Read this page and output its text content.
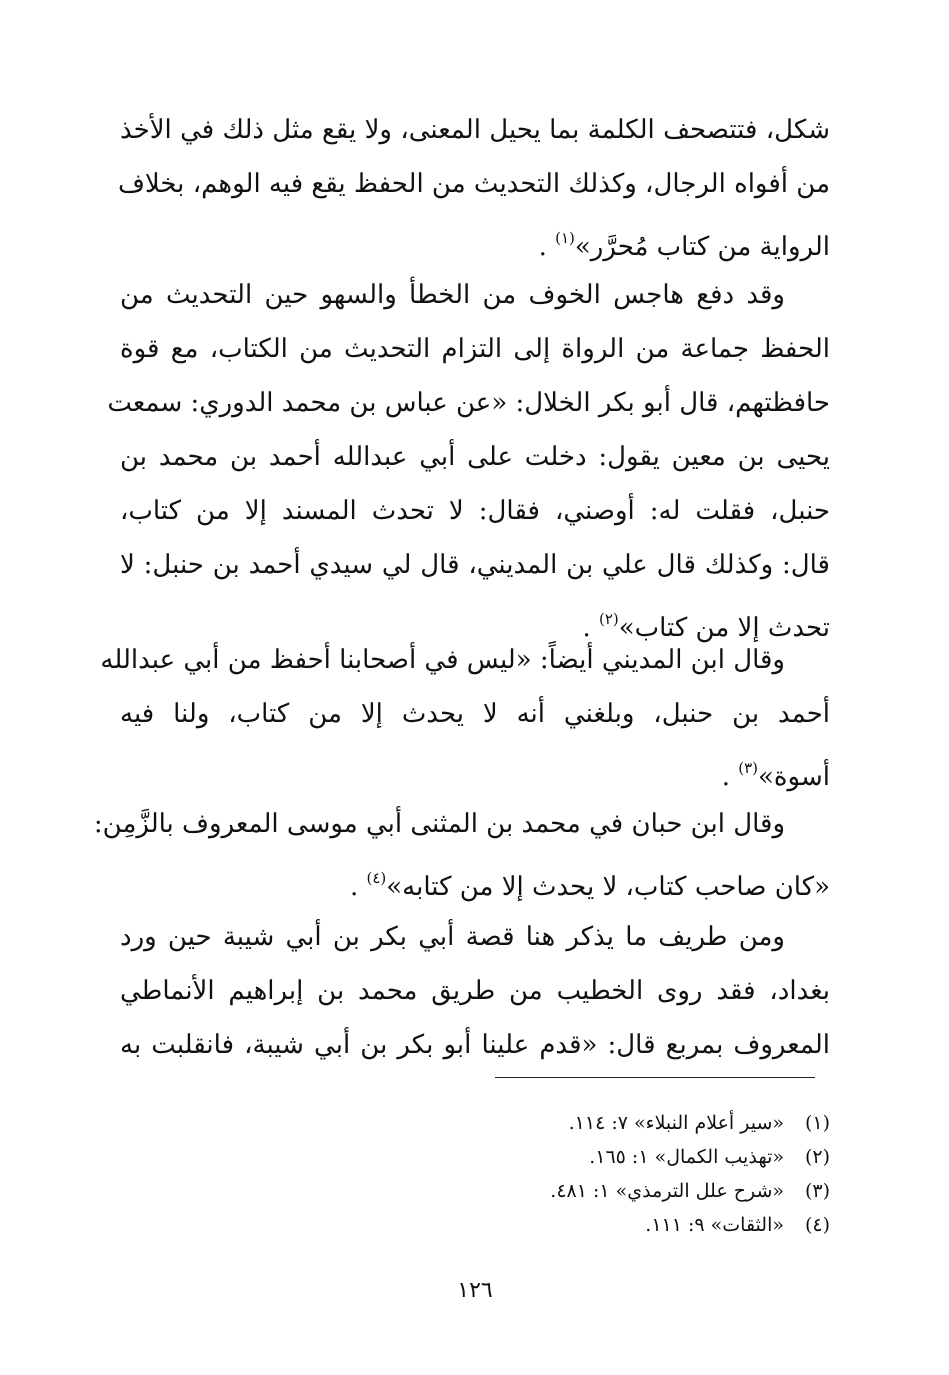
شكل، فتتصحف الكلمة بما يحيل المعنى، ولا يقع مثل ذلك في الأخذ
من أفواه الرجال، وكذلك التحديث من الحفظ يقع فيه الوهم، بخلاف
الرواية من كتاب مُحرَّر»$^{(١)}$ .
وقد دفع هاجس الخوف من الخطأ والسهو حين التحديث من
الحفظ جماعة من الرواة إلى التزام التحديث من الكتاب، مع قوة
حافظتهم، قال أبو بكر الخلال: «عن عباس بن محمد الدوري: سمعت
يحيى بن معين يقول: دخلت على أبي عبدالله أحمد بن محمد بن
حنبل، فقلت له: أوصني، فقال: لا تحدث المسند إلا من كتاب،
قال: وكذلك قال علي بن المديني، قال لي سيدي أحمد بن حنبل: لا
تحدث إلا من كتاب»$^{(٢)}$ .
وقال ابن المديني أيضاً: «ليس في أصحابنا أحفظ من أبي عبدالله
أحمد بن حنبل، وبلغني أنه لا يحدث إلا من كتاب، ولنا فيه
أسوة»$^{(٣)}$ .
وقال ابن حبان في محمد بن المثنى أبي موسى المعروف بالزَّمِن:
«كان صاحب كتاب، لا يحدث إلا من كتابه»$^{(٤)}$ .
ومن طريف ما يذكر هنا قصة أبي بكر بن أبي شيبة حين ورد
بغداد، فقد روى الخطيب من طريق محمد بن إبراهيم الأنماطي
المعروف بمربع قال: «قدم علينا أبو بكر بن أبي شيبة، فانقلبت به
(١)«سير أعلام النبلاء» ٧: ١١٤.
(٢)«تهذيب الكمال» ١: ١٦٥.
(٣)«شرح علل الترمذي» ١: ٤٨١.
(٤)«الثقات» ٩: ١١١.
١٢٦
